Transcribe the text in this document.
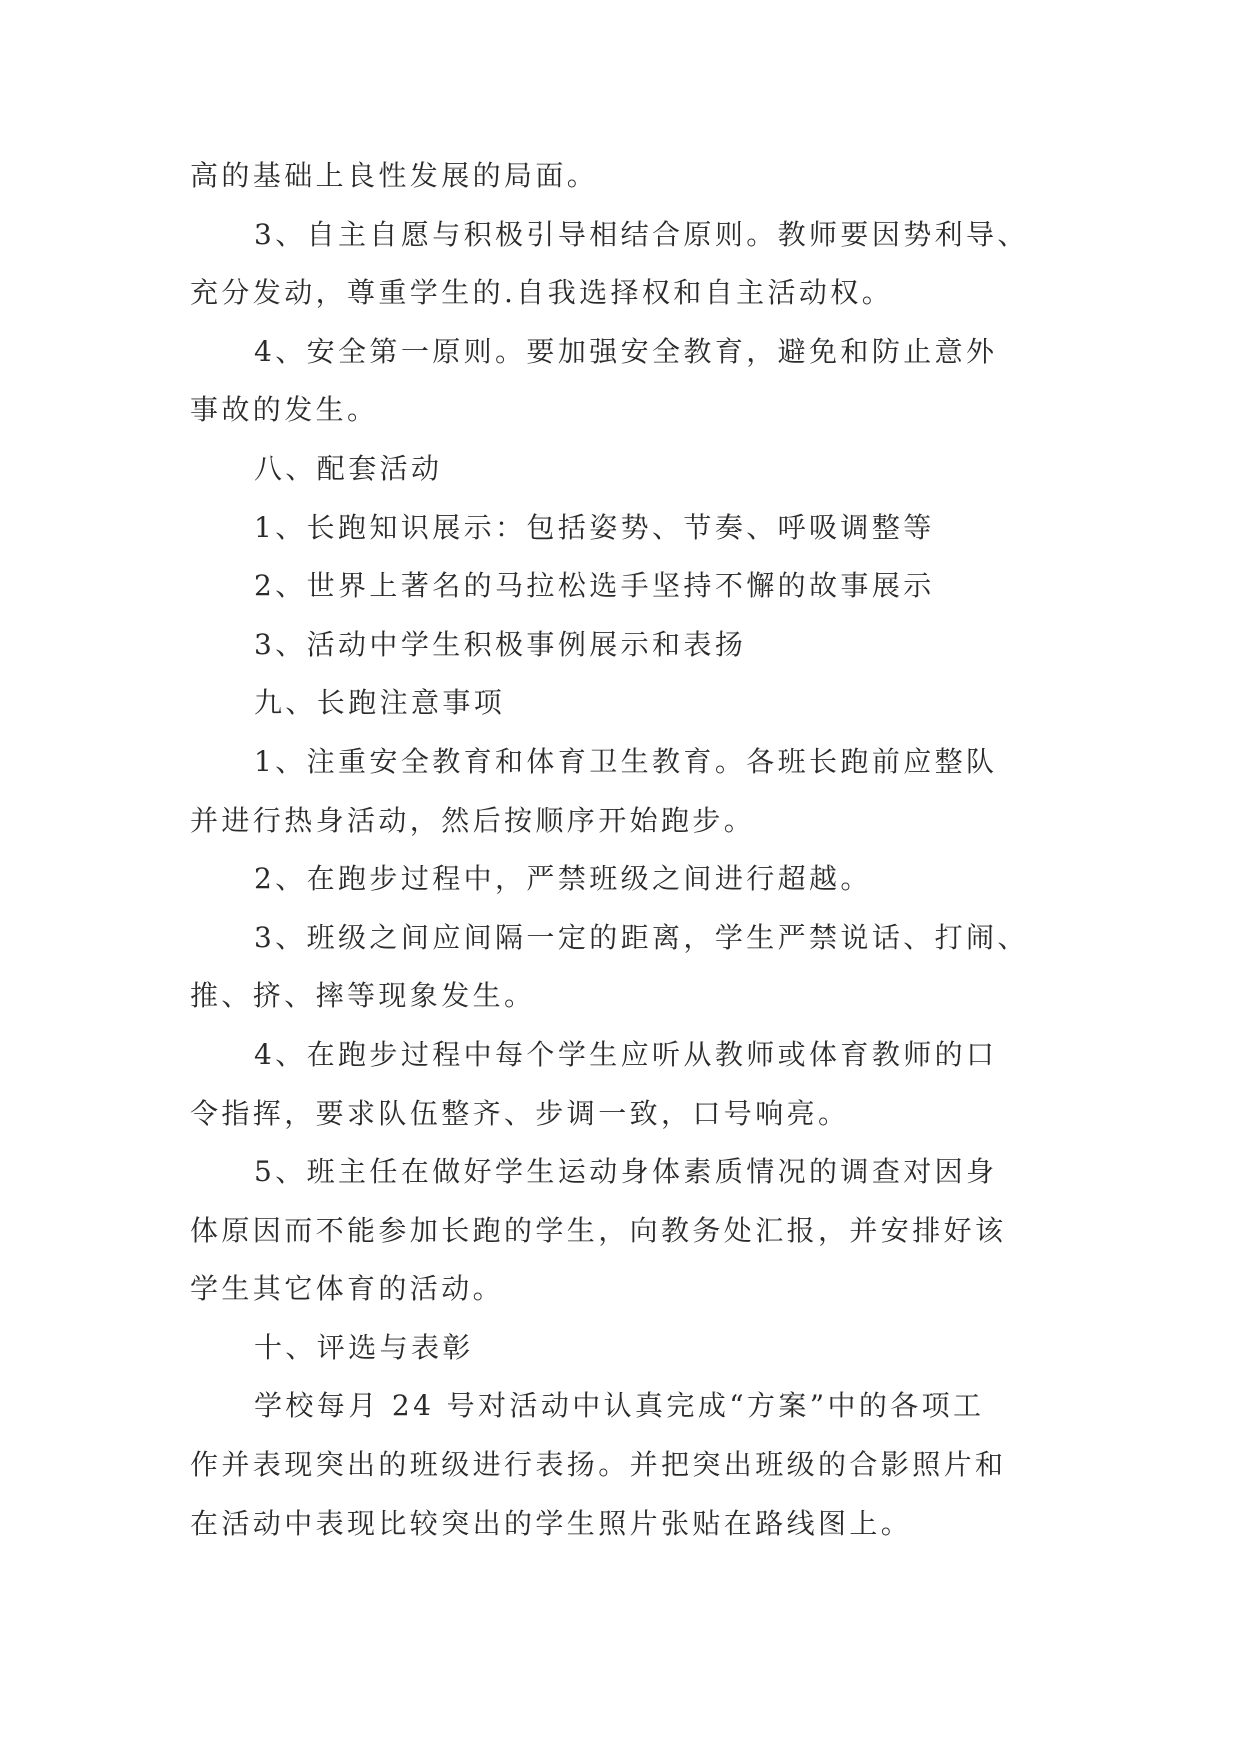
高的基础上良性发展的局面。

3、自主自愿与积极引导相结合原则。教师要因势利导、
充分发动，尊重学生的.自我选择权和自主活动权。

4、安全第一原则。要加强安全教育，避免和防止意外
事故的发生。

八、配套活动

1、长跑知识展示：包括姿势、节奏、呼吸调整等

2、世界上著名的马拉松选手坚持不懈的故事展示

3、活动中学生积极事例展示和表扬

九、长跑注意事项

1、注重安全教育和体育卫生教育。各班长跑前应整队
并进行热身活动，然后按顺序开始跑步。

2、在跑步过程中，严禁班级之间进行超越。

3、班级之间应间隔一定的距离，学生严禁说话、打闹、
推、挤、摔等现象发生。

4、在跑步过程中每个学生应听从教师或体育教师的口
令指挥，要求队伍整齐、步调一致，口号响亮。

5、班主任在做好学生运动身体素质情况的调查对因身
体原因而不能参加长跑的学生，向教务处汇报，并安排好该
学生其它体育的活动。

十、评选与表彰

学校每月 24 号对活动中认真完成“方案”中的各项工
作并表现突出的班级进行表扬。并把突出班级的合影照片和
在活动中表现比较突出的学生照片张贴在路线图上。
